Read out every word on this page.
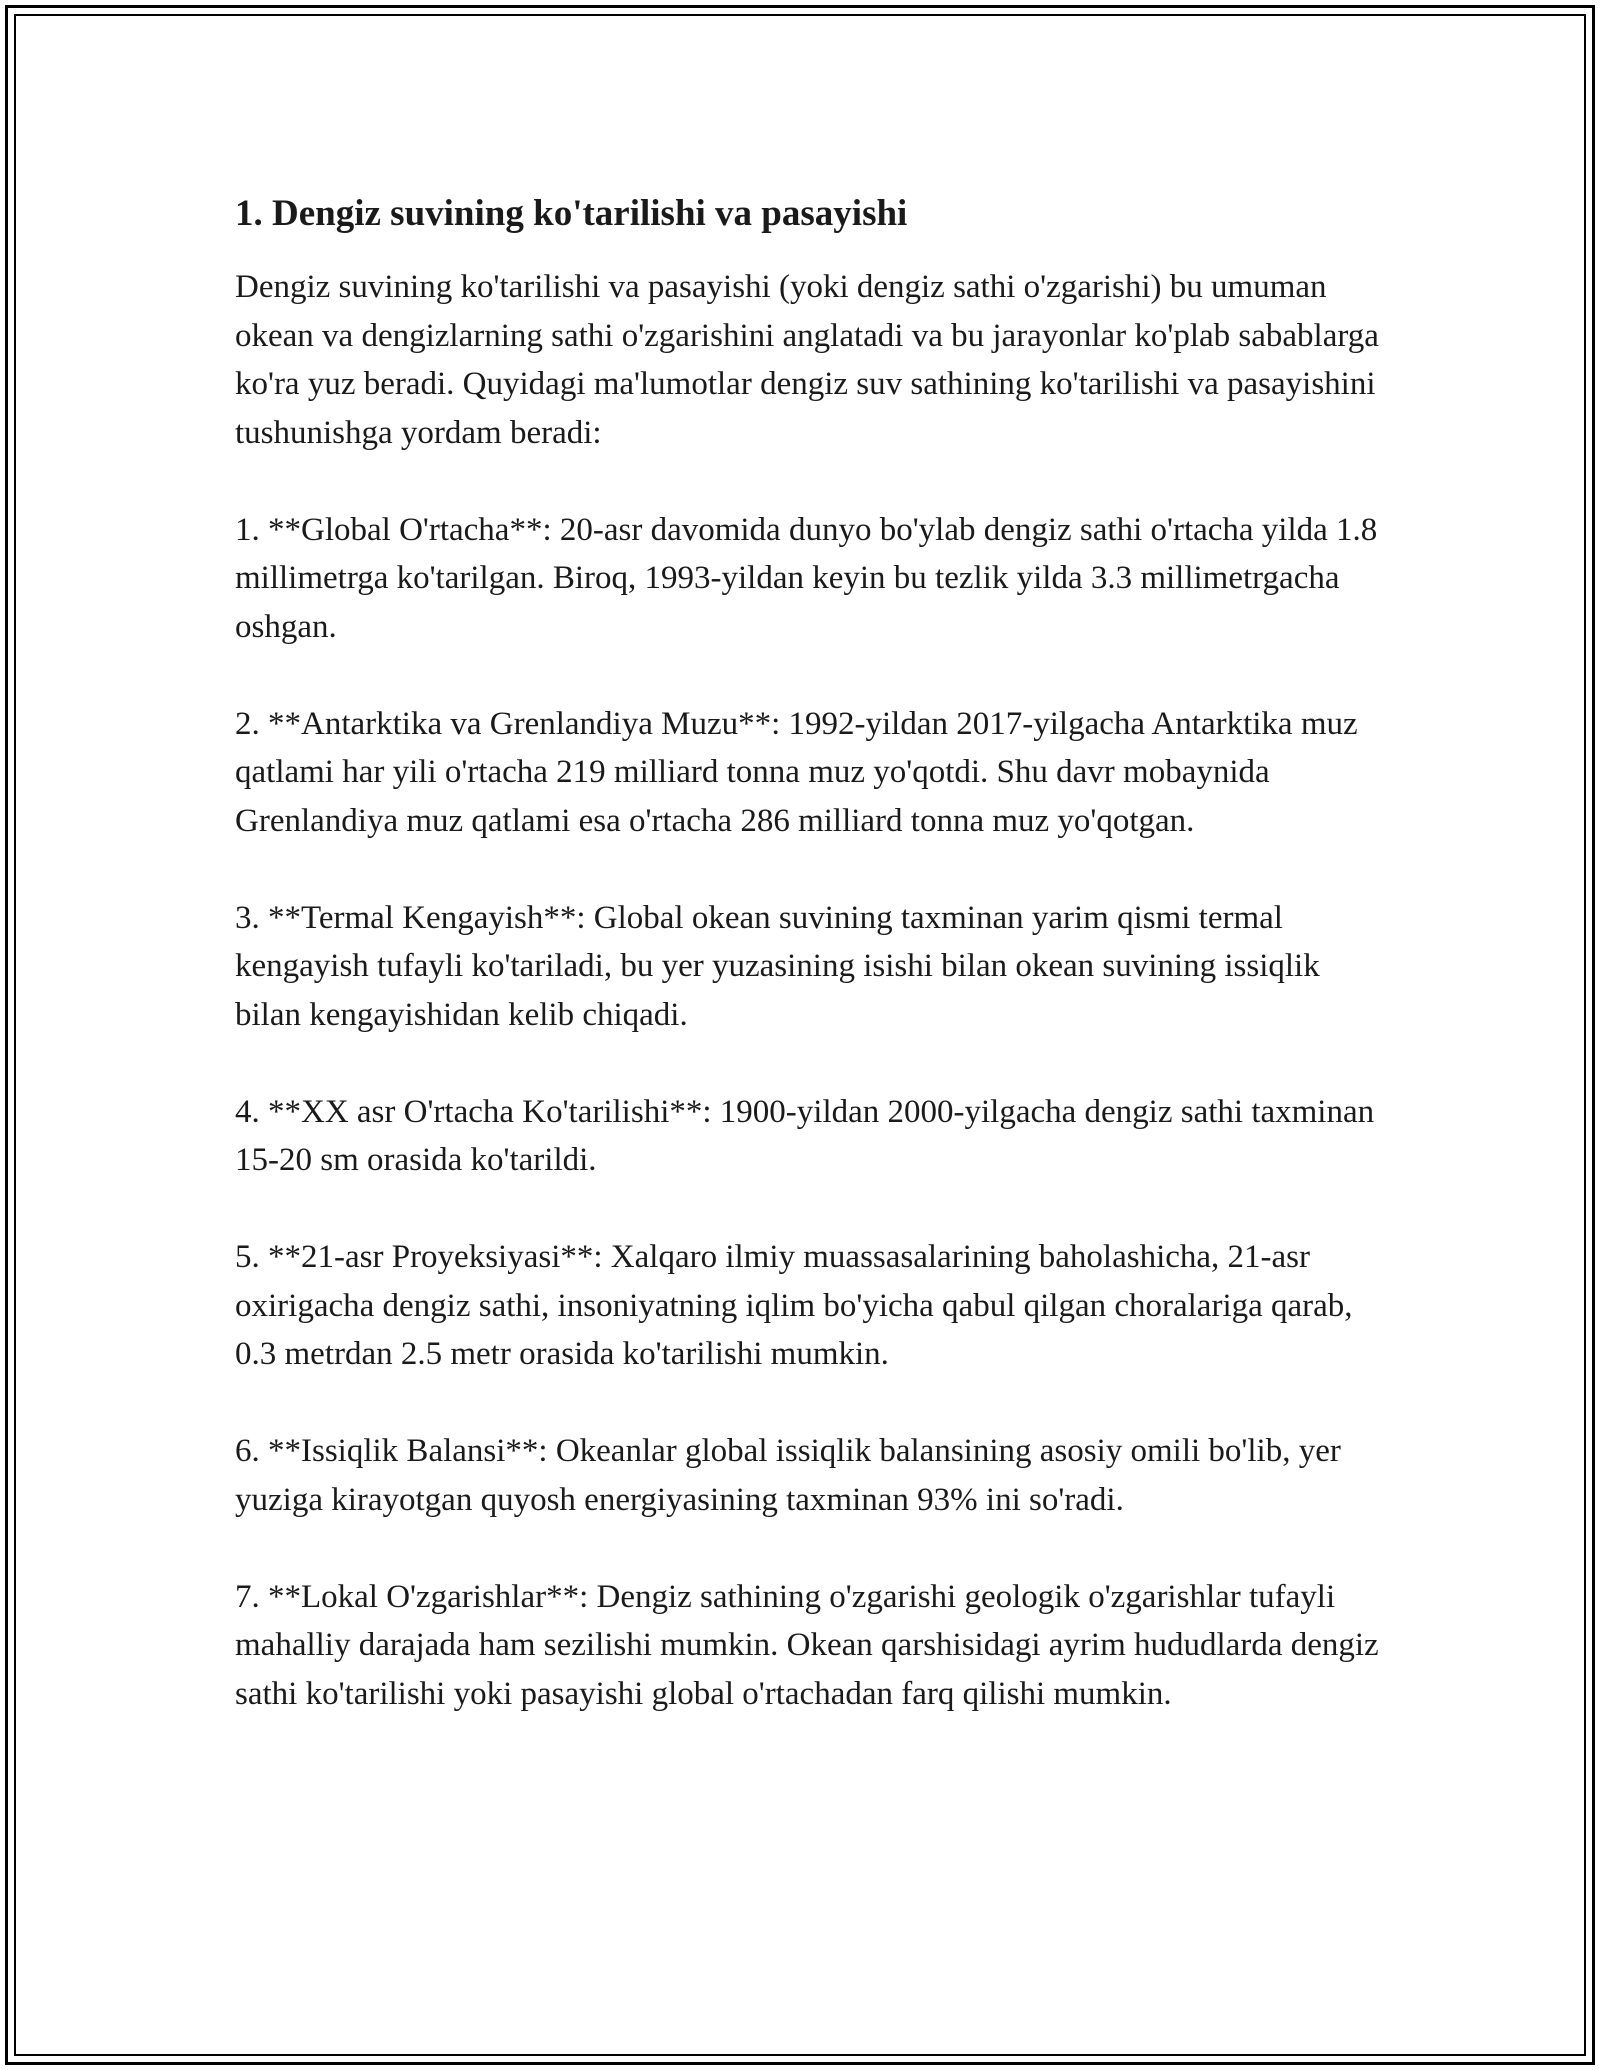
1. Dengiz suvining ko'tarilishi va pasayishi

Dengiz suvining ko'tarilishi va pasayishi (yoki dengiz sathi o'zgarishi) bu umuman okean va dengizlarning sathi o'zgarishini anglatadi va bu jarayonlar ko'plab sabablarga ko'ra yuz beradi. Quyidagi ma'lumotlar dengiz suv sathining ko'tarilishi va pasayishini tushunishga yordam beradi:

1. **Global O'rtacha**: 20-asr davomida dunyo bo'ylab dengiz sathi o'rtacha yilda 1.8 millimetrga ko'tarilgan. Biroq, 1993-yildan keyin bu tezlik yilda 3.3 millimetrgacha oshgan.

2. **Antarktika va Grenlandiya Muzu**: 1992-yildan 2017-yilgacha Antarktika muz qatlami har yili o'rtacha 219 milliard tonna muz yo'qotdi. Shu davr mobaynida Grenlandiya muz qatlami esa o'rtacha 286 milliard tonna muz yo'qotgan.

3. **Termal Kengayish**: Global okean suvining taxminan yarim qismi termal kengayish tufayli ko'tariladi, bu yer yuzasining isishi bilan okean suvining issiqlik bilan kengayishidan kelib chiqadi.

4. **XX asr O'rtacha Ko'tarilishi**: 1900-yildan 2000-yilgacha dengiz sathi taxminan 15-20 sm orasida ko'tarildi.

5. **21-asr Proyeksiyasi**: Xalqaro ilmiy muassasalarining baholashicha, 21-asr oxirigacha dengiz sathi, insoniyatning iqlim bo'yicha qabul qilgan choralariga qarab, 0.3 metrdan 2.5 metr orasida ko'tarilishi mumkin.

6. **Issiqlik Balansi**: Okeanlar global issiqlik balansining asosiy omili bo'lib, yer yuziga kirayotgan quyosh energiyasining taxminan 93% ini so'radi.

7. **Lokal O'zgarishlar**: Dengiz sathining o'zgarishi geologik o'zgarishlar tufayli mahalliy darajada ham sezilishi mumkin. Okean qarshisidagi ayrim hududlarda dengiz sathi ko'tarilishi yoki pasayishi global o'rtachadan farq qilishi mumkin.
